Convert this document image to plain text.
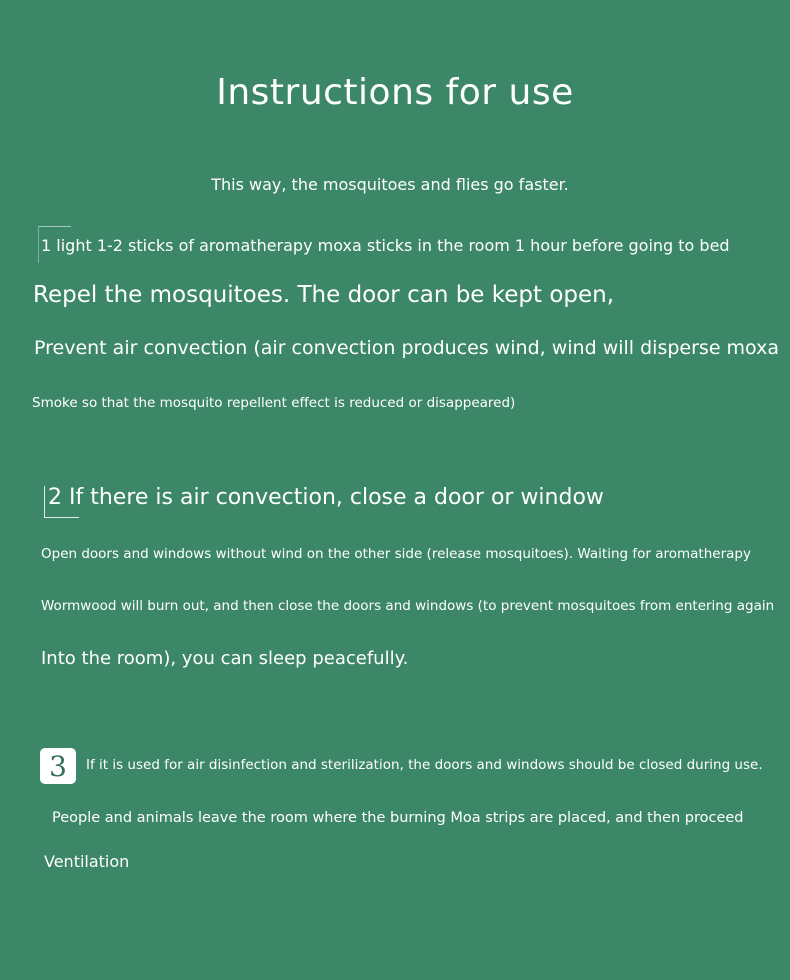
Instructions for use

This way, the mosquitoes and flies go faster.

1 light 1-2 sticks of aromatherapy moxa sticks in the room 1 hour before going to bed

Repel the mosquitoes. The door can be kept open,

Prevent air convection (air convection produces wind, wind will disperse moxa

Smoke so that the mosquito repellent effect is reduced or disappeared)

2 If there is air convection, close a door or window

Open doors and windows without wind on the other side (release mosquitoes). Waiting for aromatherapy

Wormwood will burn out, and then close the doors and windows (to prevent mosquitoes from entering again

Into the room), you can sleep peacefully.

3	If it is used for air disinfection and sterilization, the doors and windows should be closed during use.

People and animals leave the room where the burning Moa strips are placed, and then proceed

Ventilation
